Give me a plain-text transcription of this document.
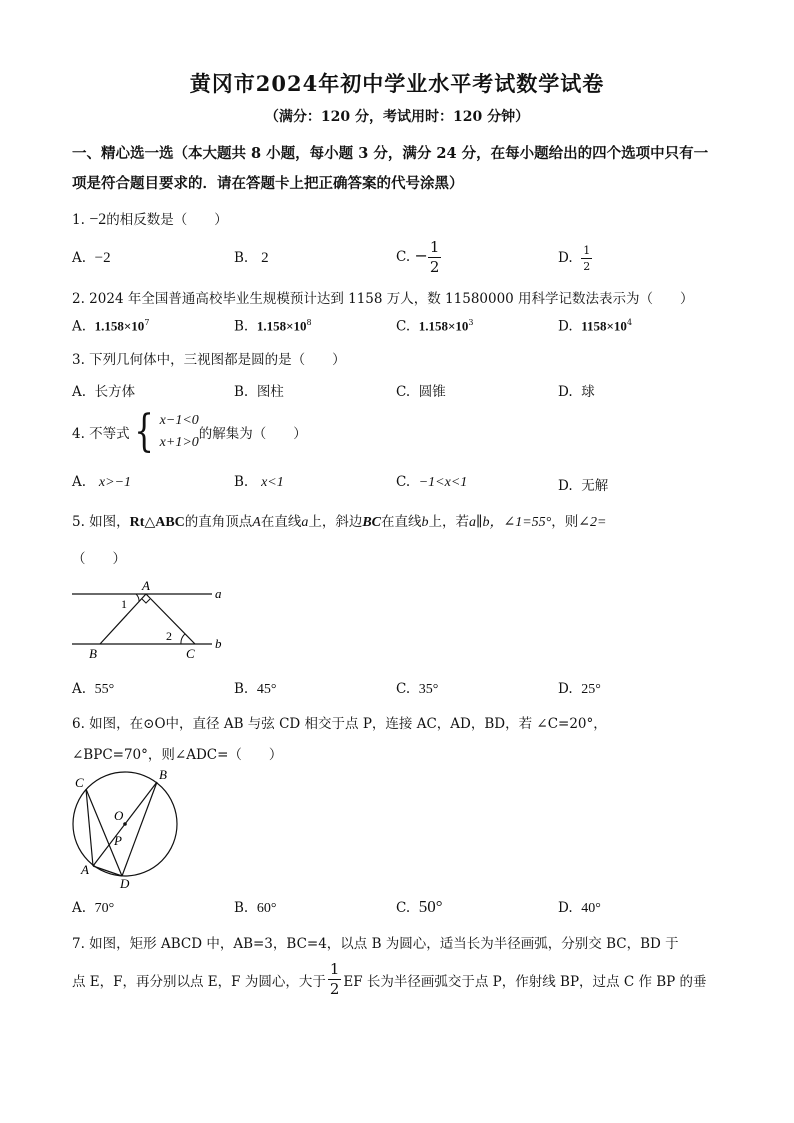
黄冈市2024年初中学业水平考试数学试卷
（满分：120 分，考试用时：120 分钟）
一、精心选一选（本大题共 8 小题，每小题 3 分，满分 24 分，在每小题给出的四个选项中只有一项是符合题目要求的．请在答题卡上把正确答案的代号涂黑）
1. −2的相反数是（　　）
A. −2	B. 2	C. − $\frac{1}{2}$	D. $\frac{1}{2}$
2. 2024 年全国普通高校毕业生规模预计达到 1158 万人，数 11580000 用科学记数法表示为（　　）
A. $1.158\times 10^7$	B. $1.158\times 10^8$	C. $1.158\times 10^3$	D. $1158\times 10^4$
3. 下列几何体中，三视图都是圆的是（　　）
A. 长方体	B. 图柱	C. 圆锥	D. 球
4. 不等式 { x−1<0
x+1>0
的解集为（　　）
A. x>−1	B. x<1	C. −1<x<1	D. 无解
5. 如图，Rt△ABC的直角顶点A在直线a上，斜边BC在直线b上，若a∥b，∠1=55°，则∠2=
（　　）
A
a
b
1
2
B	C
A. 55°	B. 45°	C. 35°	D. 25°
6. 如图，在⊙O中，直径 AB 与弦 CD 相交于点 P，连接 AC，AD，BD，若 ∠C=20°，
∠BPC=70°，则∠ADC=（　　）
C
B
O
P
A
D
A. 70°	B. 60°	C. 50°	D. 40°
7. 如图，矩形 ABCD 中，AB=3，BC=4，以点 B 为圆心，适当长为半径画弧，分别交 BC，BD 于
点 E，F，再分别以点 E，F 为圆心，大于 $\frac{1}{2}$ EF 长为半径画弧交于点 P，作射线 BP，过点 C 作 BP 的垂
